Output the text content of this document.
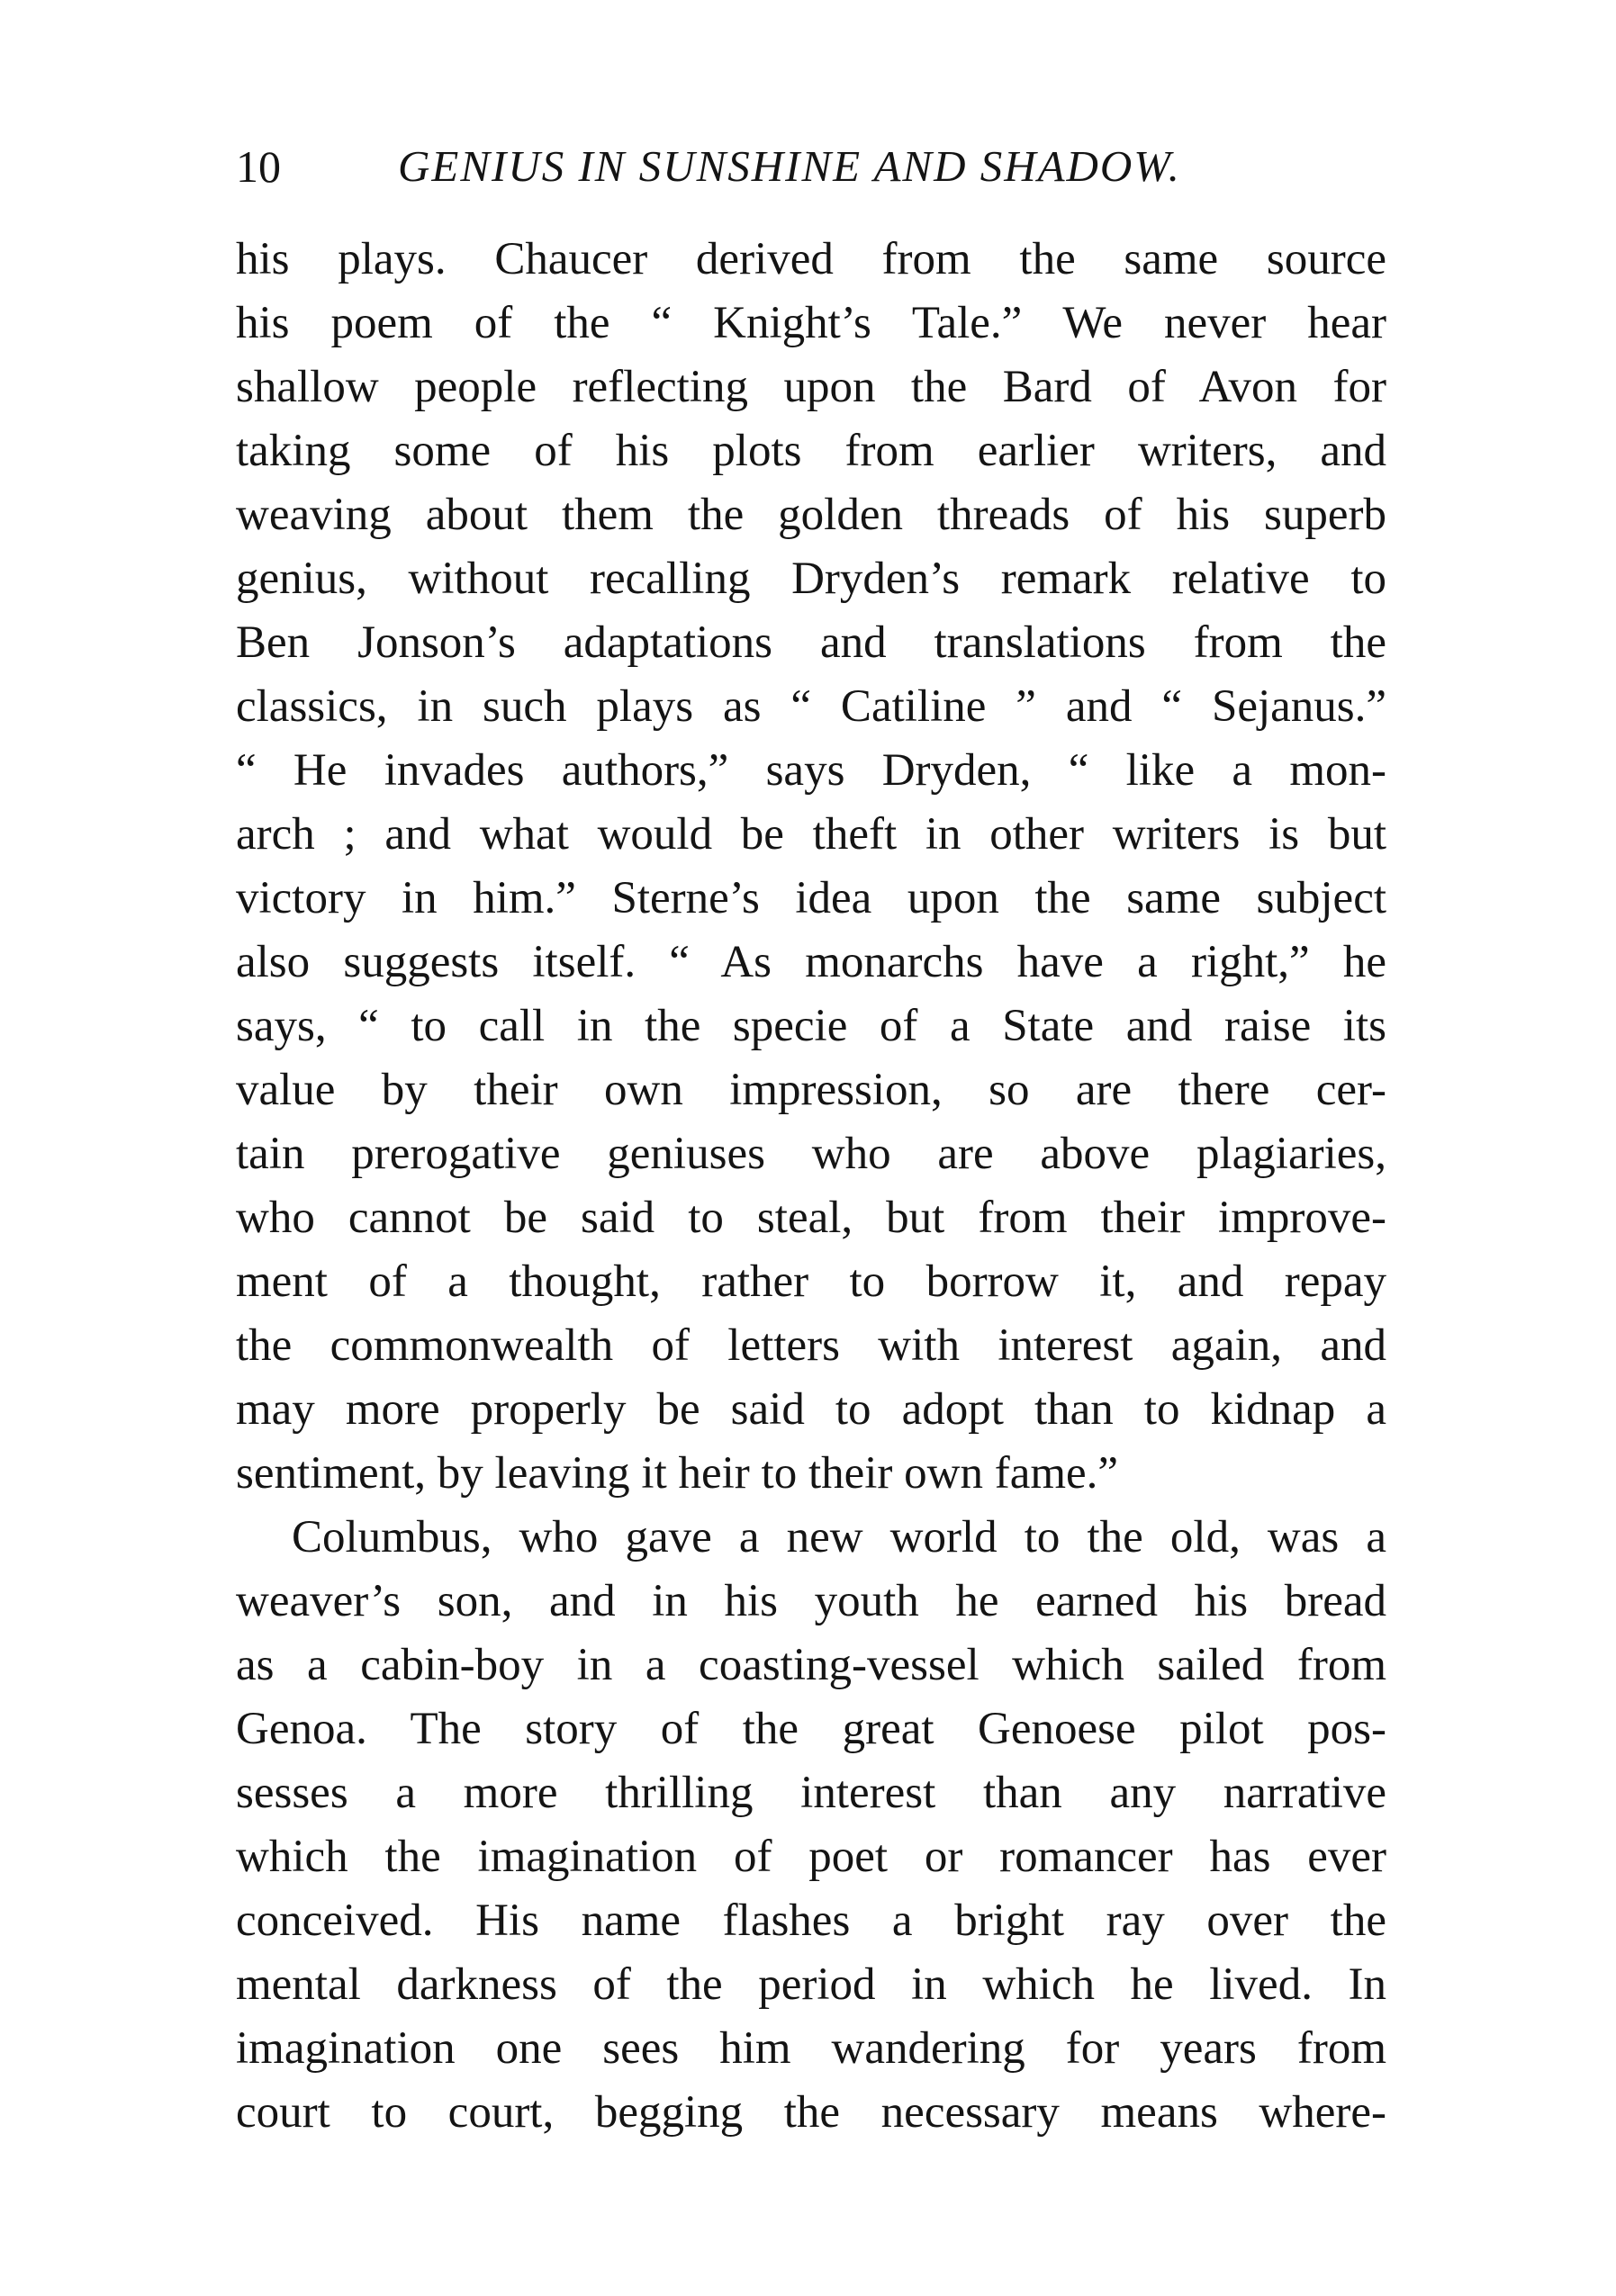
10	GENIUS IN SUNSHINE AND SHADOW.
his plays. Chaucer derived from the same source
his poem of the “ Knight’s Tale.” We never hear
shallow people reflecting upon the Bard of Avon for
taking some of his plots from earlier writers, and
weaving about them the golden threads of his superb
genius, without recalling Dryden’s remark relative to
Ben Jonson’s adaptations and translations from the
classics, in such plays as “ Catiline ” and “ Sejanus.”
“ He invades authors,” says Dryden, “ like a mon-
arch ; and what would be theft in other writers is but
victory in him.” Sterne’s idea upon the same subject
also suggests itself. “ As monarchs have a right,” he
says, “ to call in the specie of a State and raise its
value by their own impression, so are there cer-
tain prerogative geniuses who are above plagiaries,
who cannot be said to steal, but from their improve-
ment of a thought, rather to borrow it, and repay
the commonwealth of letters with interest again, and
may more properly be said to adopt than to kidnap a
sentiment, by leaving it heir to their own fame.”
Columbus, who gave a new world to the old, was a
weaver’s son, and in his youth he earned his bread
as a cabin-boy in a coasting-vessel which sailed from
Genoa. The story of the great Genoese pilot pos-
sesses a more thrilling interest than any narrative
which the imagination of poet or romancer has ever
conceived. His name flashes a bright ray over the
mental darkness of the period in which he lived. In
imagination one sees him wandering for years from
court to court, begging the necessary means where-
